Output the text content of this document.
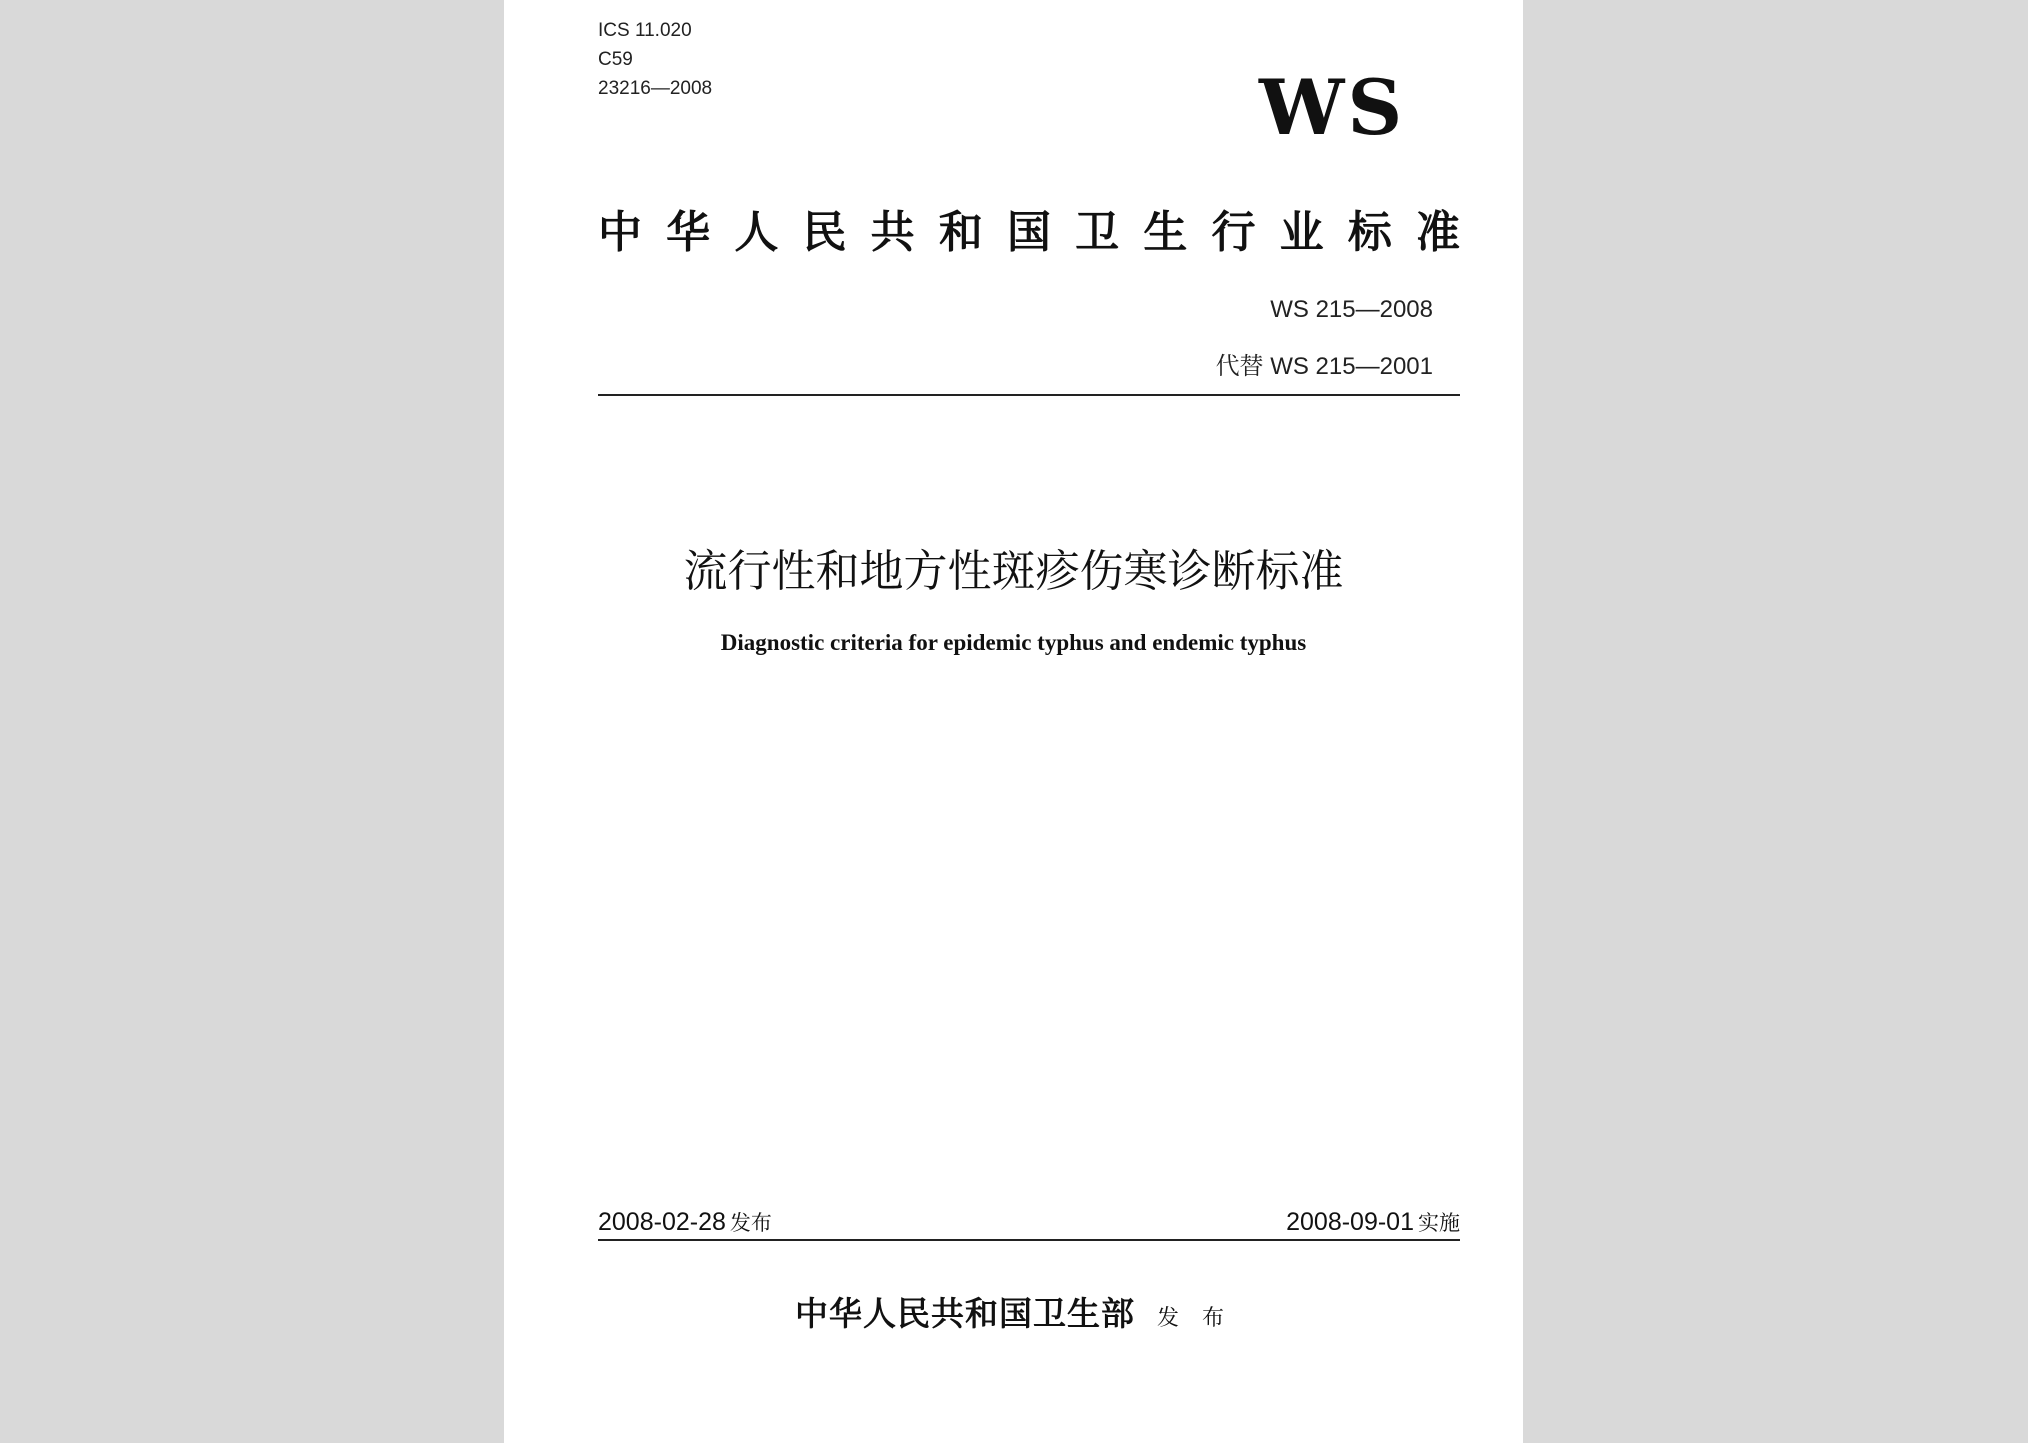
ICS 11.020
C59
23216—2008	WS
中华人民共和国卫生行业标准
WS 215—2008
代替 WS 215—2001
流行性和地方性斑疹伤寒诊断标准
Diagnostic criteria for epidemic typhus and endemic typhus
2008-02-28 发布	2008-09-01 实施
中华人民共和国卫生部 发 布
